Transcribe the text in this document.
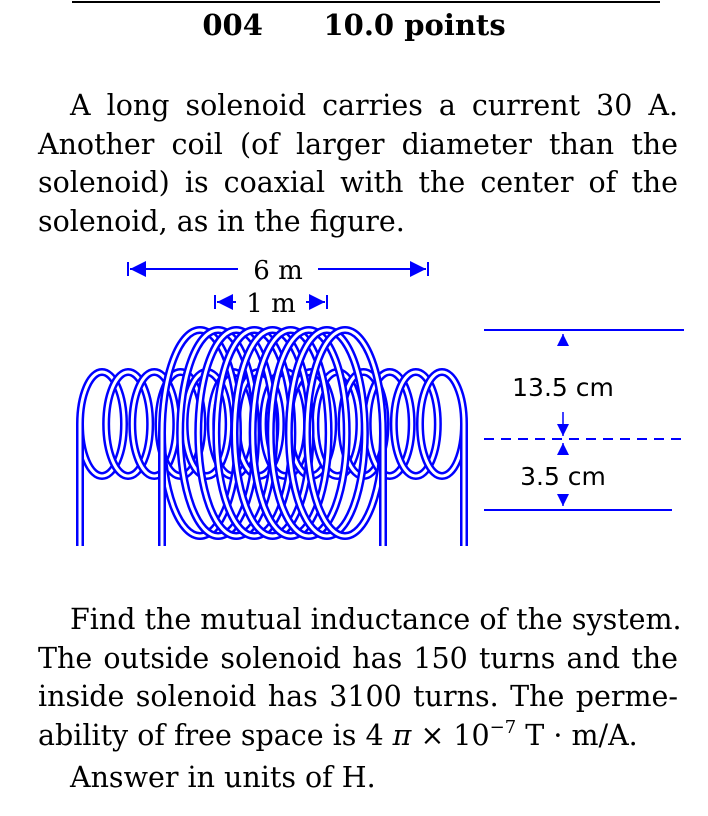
004 10.0 points
A long solenoid carries a current 30 A.
Another coil (of larger diameter than the
solenoid) is coaxial with the center of the
solenoid, as in the figure.
6 m
1 m
13.5 cm
3.5 cm
Find the mutual inductance of the system.
The outside solenoid has 150 turns and the
inside solenoid has 3100 turns. The perme-
ability of free space is 4 $\pi \times 10^{-7}$ T · m/A.
Answer in units of H.
